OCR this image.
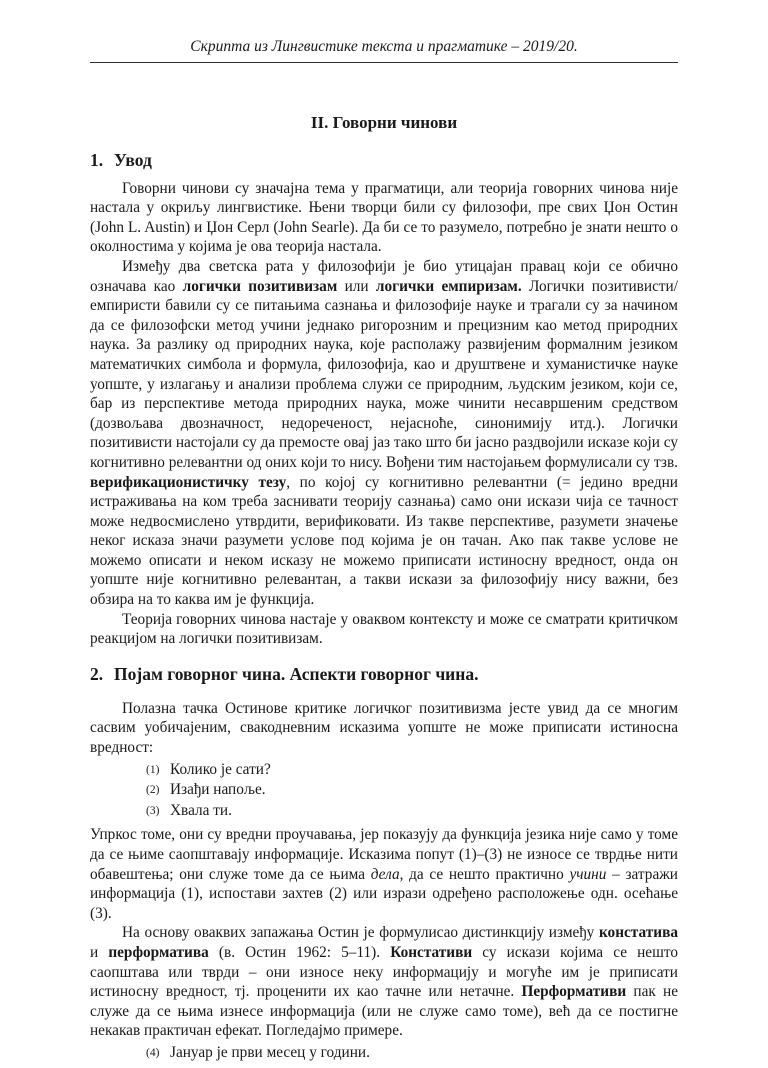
Скрипта из Лингвистике текста и прагматике – 2019/20.
II. Говорни чинови
1. Увод

Говорни чинови су значајна тема у прагматици, али теорија говорних чинова није настала у окриљу лингвистике. Њени творци били су филозофи, пре свих Џон Остин (John L. Austin) и Џон Серл (John Searle). Да би се то разумело, потребно је знати нешто о околностима у којима је ова теорија настала.

Између два светска рата у филозофији је био утицајан правац који се обично означава као логички позитивизам или логички емпиризам. Логички позитивисти/емпиристи бавили су се питањима сазнања и филозофије науке и трагали су за начином да се филозофски метод учини једнако ригорозним и прецизним као метод природних наука. За разлику од природних наука, које располажу развијеним формалним језиком математичких симбола и формула, филозофија, као и друштвене и хуманистичке науке уопште, у излагању и анализи проблема служи се природним, људским језиком, који се, бар из перспективе метода природних наука, може чинити несавршеним средством (дозвољава двозначност, недореченост, нејасноће, синонимију итд.). Логички позитивисти настојали су да премосте овај јаз тако што би јасно раздвојили исказе који су когнитивно релевантни од оних који то нису. Вођени тим настојањем формулисали су тзв. верификационистичку тезу, по којој су когнитивно релевантни (= једино вредни истраживања на ком треба заснивати теорију сазнања) само они искази чија се тачност може недвосмислено утврдити, верификовати. Из такве перспективе, разумети значење неког исказа значи разумети услове под којима је он тачан. Ако пак такве услове не можемо описати и неком исказу не можемо приписати истиносну вредност, онда он уопште није когнитивно релевантан, а такви искази за филозофију нису важни, без обзира на то каква им је функција.

Теорија говорних чинова настаје у оваквом контексту и може се сматрати критичком реакцијом на логички позитивизам.

2. Појам говорног чина. Аспекти говорног чина.

Полазна тачка Остинове критике логичког позитивизма јесте увид да се многим сасвим уобичајеним, свакодневним исказима уопште не може приписати истиносна вредност:

(1) Колико је сати?
(2) Изађи напоље.
(3) Хвала ти.

Упркос томе, они су вредни проучавања, јер показују да функција језика није само у томе да се њиме саопштавају информације. Исказима попут (1)–(3) не износе се тврдње нити обавештења; они служе томе да се њима дела, да се нешто практично учини – затражи информација (1), испостави захтев (2) или изрази одређено расположење одн. осећање (3).

На основу оваквих запажања Остин је формулисао дистинкцију између констатива и перформатива (в. Остин 1962: 5–11). Констативи су искази којима се нешто саопштава или тврди – они износе неку информацију и могуће им је приписати истиносну вредност, тј. проценити их као тачне или нетачне. Перформативи пак не служе да се њима изнесе информација (или не служе само томе), већ да се постигне некакав практичан ефекат. Погледајмо примере.

(4) Јануар је први месец у години.
